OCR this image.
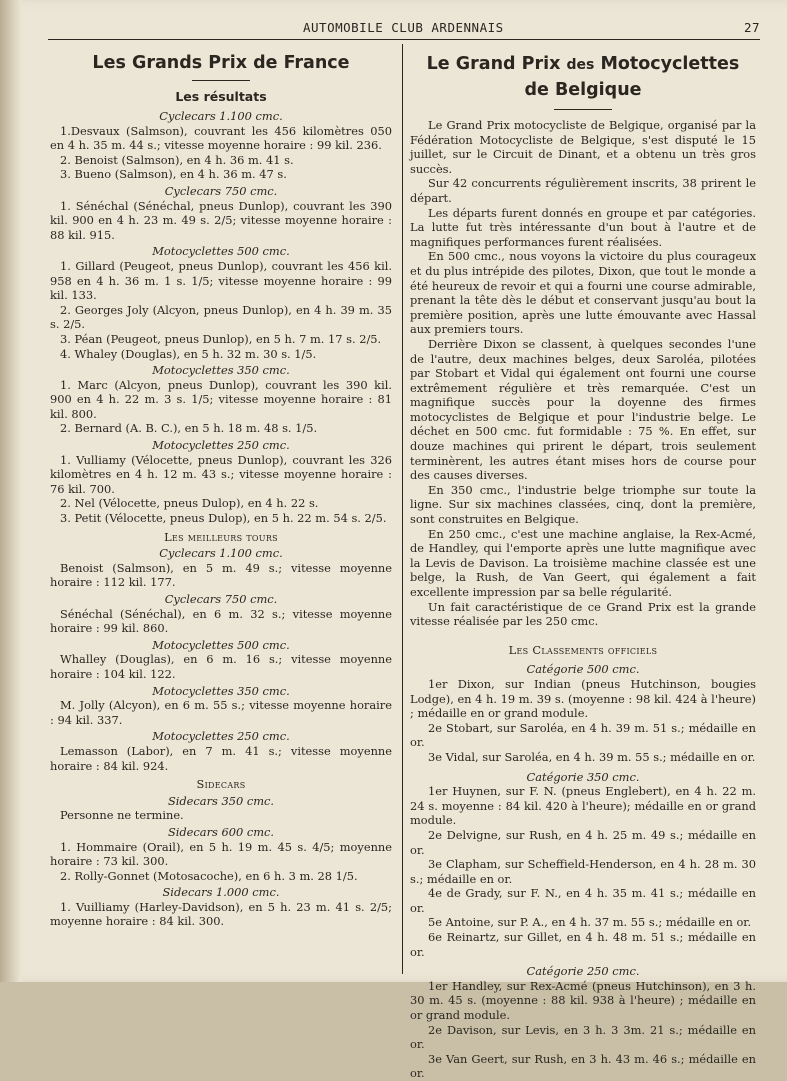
AUTOMOBILE CLUB ARDENNAIS	27
Les Grands Prix de France
Les résultats
Cyclecars 1.100 cmc.

1.Desvaux (Salmson), couvrant les 456 kilomètres 050 en 4 h. 35 m. 44 s.; vitesse moyenne horaire : 99 kil. 236.

2. Benoist (Salmson), en 4 h. 36 m. 41 s.

3. Bueno (Salmson), en 4 h. 36 m. 47 s.

Cyclecars 750 cmc.

1. Sénéchal (Sénéchal, pneus Dunlop), couvrant les 390 kil. 900 en 4 h. 23 m. 49 s. 2/5; vitesse moyenne horaire : 88 kil. 915.

Motocyclettes 500 cmc.

1. Gillard (Peugeot, pneus Dunlop), couvrant les 456 kil. 958 en 4 h. 36 m. 1 s. 1/5; vitesse moyenne horaire : 99 kil. 133.

2. Georges Joly (Alcyon, pneus Dunlop), en 4 h. 39 m. 35 s. 2/5.

3. Péan (Peugeot, pneus Dunlop), en 5 h. 7 m. 17 s. 2/5.

4. Whaley (Douglas), en 5 h. 32 m. 30 s. 1/5.

Motocyclettes 350 cmc.

1. Marc (Alcyon, pneus Dunlop), couvrant les 390 kil. 900 en 4 h. 22 m. 3 s. 1/5; vitesse moyenne horaire : 81 kil. 800.

2. Bernard (A. B. C.), en 5 h. 18 m. 48 s. 1/5.

Motocyclettes 250 cmc.

1. Vulliamy (Vélocette, pneus Dunlop), couvrant les 326 kilomètres en 4 h. 12 m. 43 s.; vitesse moyenne horaire : 76 kil. 700.

2. Nel (Vélocette, pneus Dulop), en 4 h. 22 s.

3. Petit (Vélocette, pneus Dulop), en 5 h. 22 m. 54 s. 2/5.

Les meilleurs tours
Cyclecars 1.100 cmc.

Benoist (Salmson), en 5 m. 49 s.; vitesse moyenne horaire : 112 kil. 177.

Cyclecars 750 cmc.

Sénéchal (Sénéchal), en 6 m. 32 s.; vitesse moyenne horaire : 99 kil. 860.

Motocyclettes 500 cmc.

Whalley (Douglas), en 6 m. 16 s.; vitesse moyenne horaire : 104 kil. 122.

Motocyclettes 350 cmc.

M. Jolly (Alcyon), en 6 m. 55 s.; vitesse moyenne horaire : 94 kil. 337.

Motocyclettes 250 cmc.

Lemasson (Labor), en 7 m. 41 s.; vitesse moyenne horaire : 84 kil. 924.

Sidecars
Sidecars 350 cmc.

Personne ne termine.

Sidecars 600 cmc.

1. Hommaire (Orail), en 5 h. 19 m. 45 s. 4/5; moyenne horaire : 73 kil. 300.

2. Rolly-Gonnet (Motosacoche), en 6 h. 3 m. 28 1/5.

Sidecars 1.000 cmc.

1. Vuilliamy (Harley-Davidson), en 5 h. 23 m. 41 s. 2/5; moyenne horaire : 84 kil. 300.

Le Grand Prix des Motocyclettes
de Belgique

Le Grand Prix motocycliste de Belgique, organisé par la Fédération Motocycliste de Belgique, s'est disputé le 15 juillet, sur le Circuit de Dinant, et a obtenu un très gros succès.

Sur 42 concurrents régulièrement inscrits, 38 prirent le départ.

Les départs furent donnés en groupe et par catégories. La lutte fut très intéressante d'un bout à l'autre et de magnifiques performances furent réalisées.

En 500 cmc., nous voyons la victoire du plus courageux et du plus intrépide des pilotes, Dixon, que tout le monde a été heureux de revoir et qui a fourni une course admirable, prenant la tête dès le début et conservant jusqu'au bout la première position, après une lutte émouvante avec Hassal aux premiers tours.

Derrière Dixon se classent, à quelques secondes l'une de l'autre, deux machines belges, deux Saroléa, pilotées par Stobart et Vidal qui également ont fourni une course extrêmement régulière et très remarquée. C'est un magnifique succès pour la doyenne des firmes motocyclistes de Belgique et pour l'industrie belge. Le déchet en 500 cmc. fut formidable : 75 %. En effet, sur douze machines qui prirent le départ, trois seulement terminèrent, les autres étant mises hors de course pour des causes diverses.

En 350 cmc., l'industrie belge triomphe sur toute la ligne. Sur six machines classées, cinq, dont la première, sont construites en Belgique.

En 250 cmc., c'est une machine anglaise, la Rex-Acmé, de Handley, qui l'emporte après une lutte magnifique avec la Levis de Davison. La troisième machine classée est une belge, la Rush, de Van Geert, qui également a fait excellente impression par sa belle régularité.

Un fait caractéristique de ce Grand Prix est la grande vitesse réalisée par les 250 cmc.

Les Classements officiels
Catégorie 500 cmc.

1er Dixon, sur Indian (pneus Hutchinson, bougies Lodge), en 4 h. 19 m. 39 s. (moyenne : 98 kil. 424 à l'heure) ; médaille en or grand module.

2e Stobart, sur Saroléa, en 4 h. 39 m. 51 s.; médaille en or.

3e Vidal, sur Saroléa, en 4 h. 39 m. 55 s.; médaille en or.

Catégorie 350 cmc.

1er Huynen, sur F. N. (pneus Englebert), en 4 h. 22 m. 24 s. moyenne : 84 kil. 420 à l'heure); médaille en or grand module.

2e Delvigne, sur Rush, en 4 h. 25 m. 49 s.; médaille en or.

3e Clapham, sur Scheffield-Henderson, en 4 h. 28 m. 30 s.; médaille en or.

4e de Grady, sur F. N., en 4 h. 35 m. 41 s.; médaille en or.

5e Antoine, sur P. A., en 4 h. 37 m. 55 s.; médaille en or.

6e Reinartz, sur Gillet, en 4 h. 48 m. 51 s.; médaille en or.

Catégorie 250 cmc.

1er Handley, sur Rex-Acmé (pneus Hutchinson), en 3 h. 30 m. 45 s. (moyenne : 88 kil. 938 à l'heure) ; médaille en or grand module.

2e Davison, sur Levis, en 3 h. 3 3m. 21 s.; médaille en or.

3e Van Geert, sur Rush, en 3 h. 43 m. 46 s.; médaille en or.
